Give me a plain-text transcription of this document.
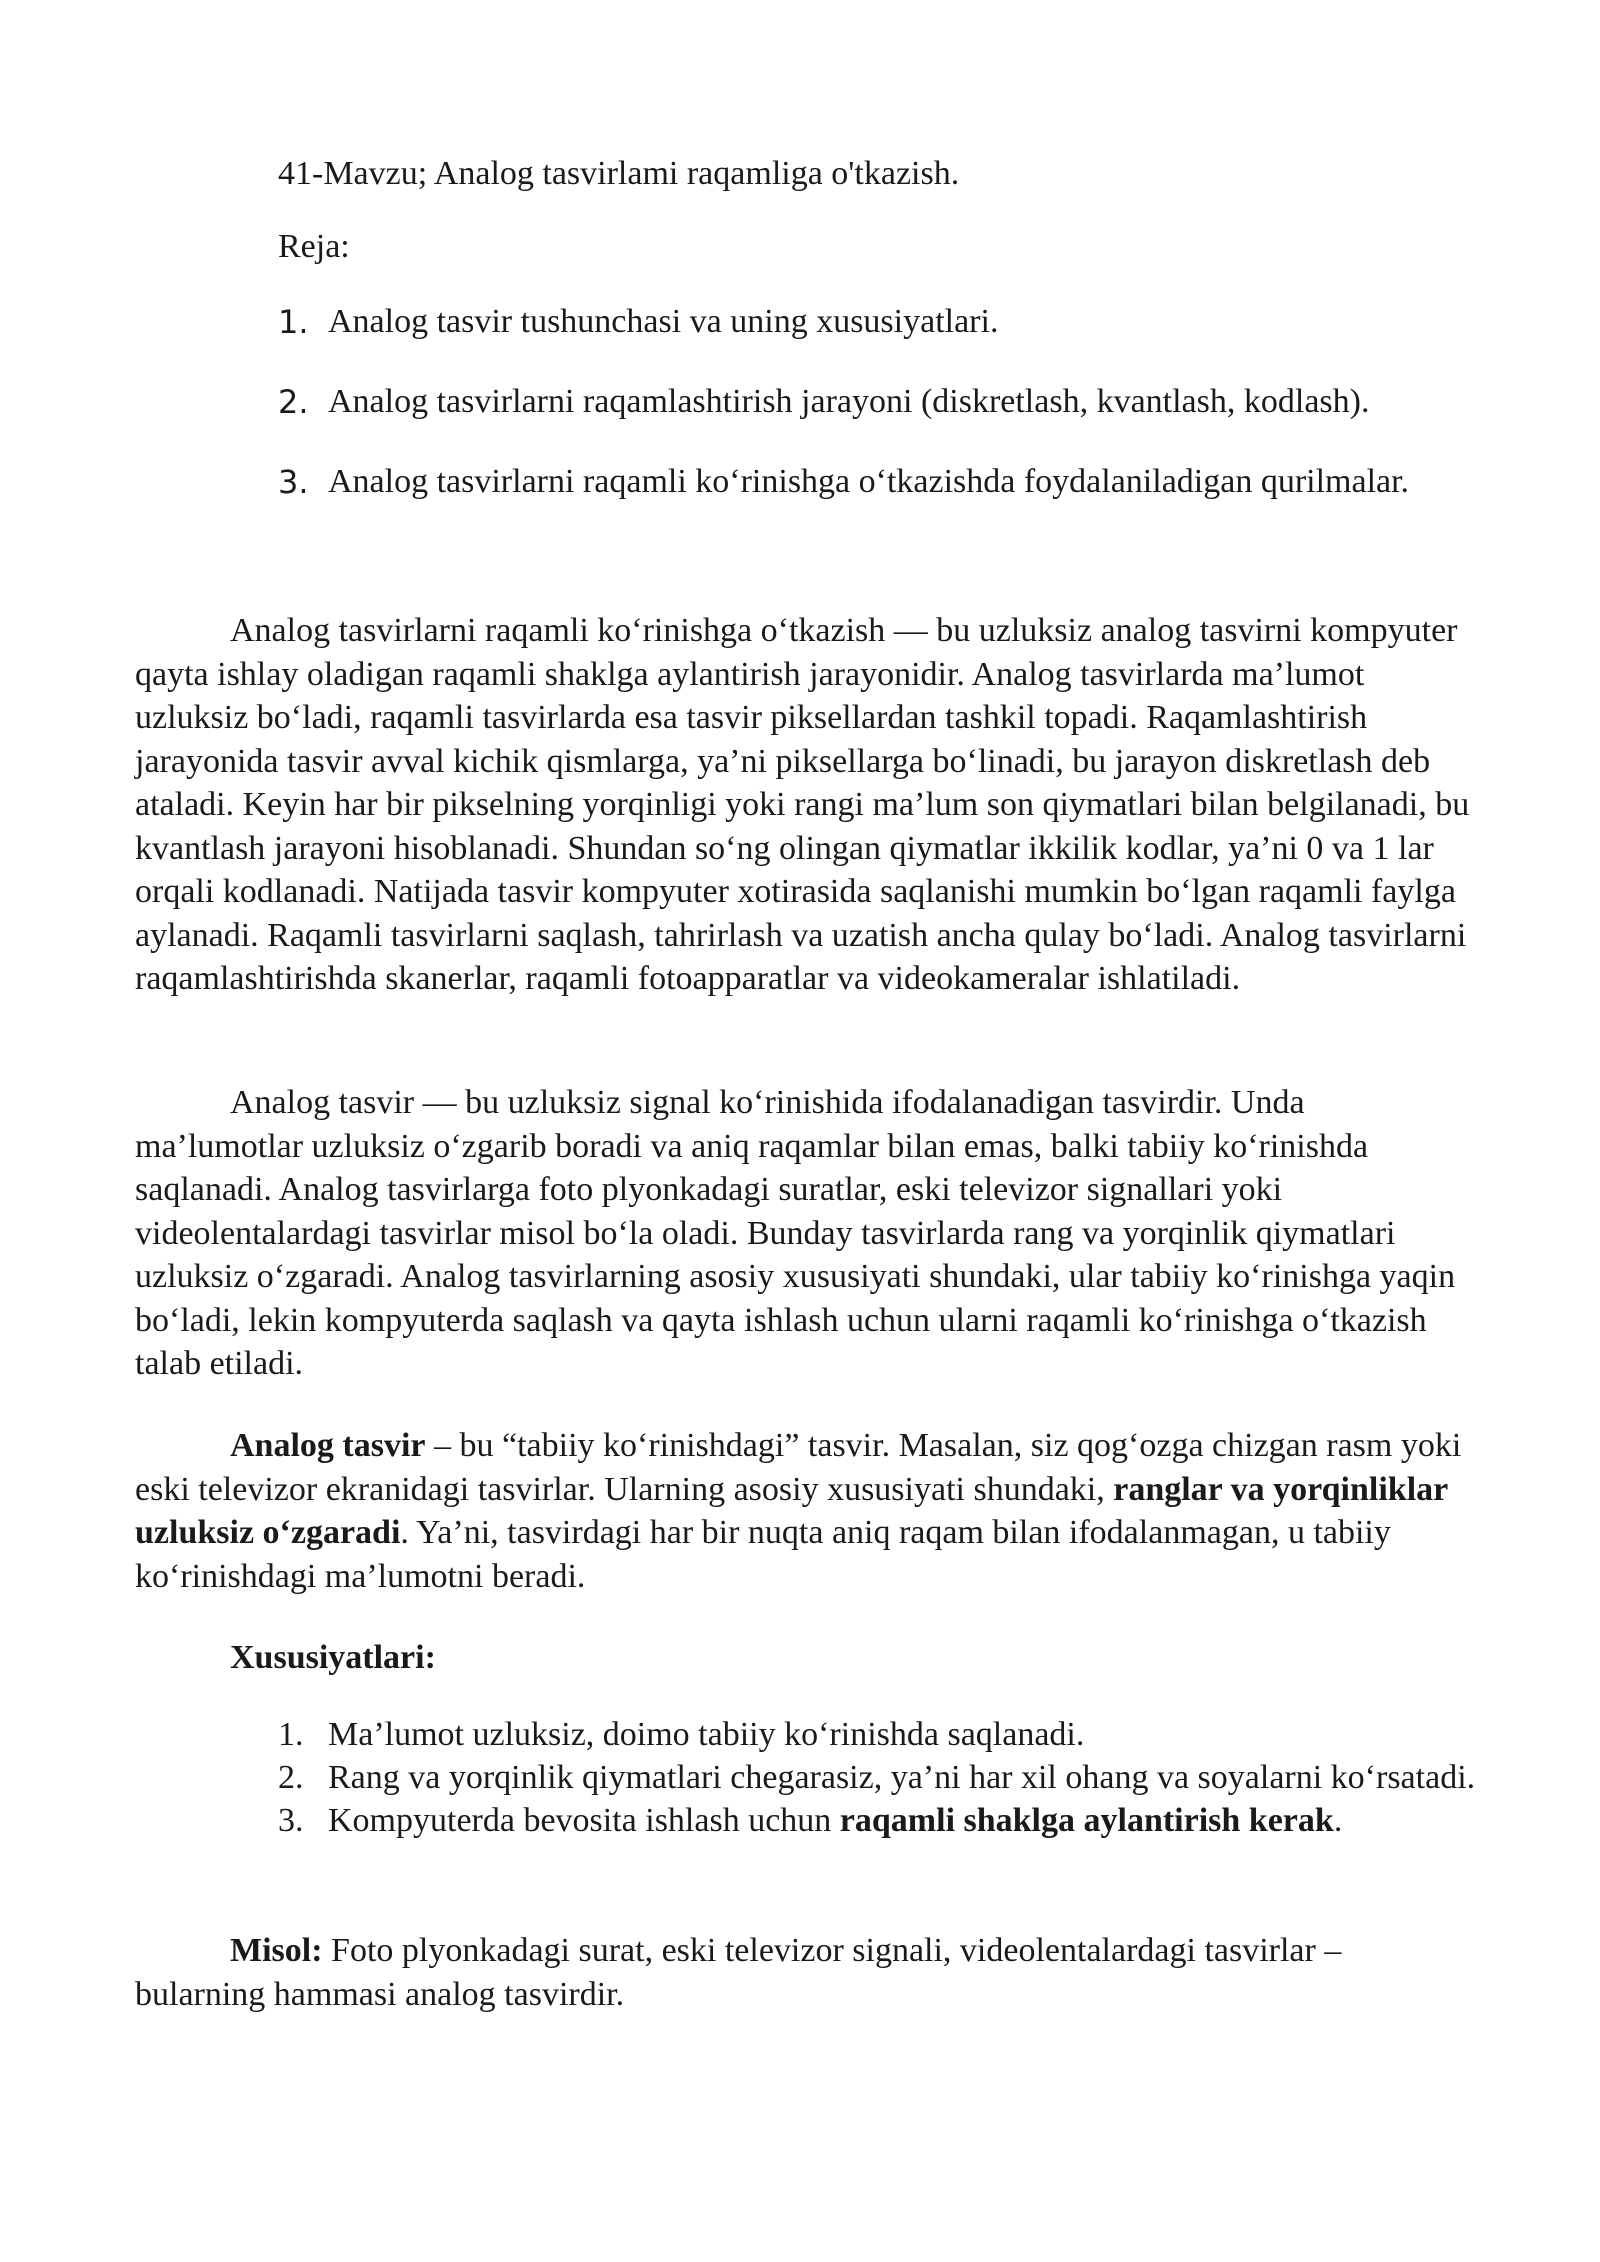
41-Mavzu; Analog tasvirlami raqamliga o'tkazish.

Reja:
1. Analog tasvir tushunchasi va uning xususiyatlari.
2. Analog tasvirlarni raqamlashtirish jarayoni (diskretlash, kvantlash, kodlash).
3. Analog tasvirlarni raqamli ko‘rinishga o‘tkazishda foydalaniladigan qurilmalar.

Analog tasvirlarni raqamli ko‘rinishga o‘tkazish — bu uzluksiz analog tasvirni kompyuter qayta ishlay oladigan raqamli shaklga aylantirish jarayonidir. Analog tasvirlarda ma’lumot uzluksiz bo‘ladi, raqamli tasvirlarda esa tasvir piksellardan tashkil topadi. Raqamlashtirish jarayonida tasvir avval kichik qismlarga, ya’ni piksellarga bo‘linadi, bu jarayon diskretlash deb ataladi. Keyin har bir pikselning yorqinligi yoki rangi ma’lum son qiymatlari bilan belgilanadi, bu kvantlash jarayoni hisoblanadi. Shundan so‘ng olingan qiymatlar ikkilik kodlar, ya’ni 0 va 1 lar orqali kodlanadi. Natijada tasvir kompyuter xotirasida saqlanishi mumkin bo‘lgan raqamli faylga aylanadi. Raqamli tasvirlarni saqlash, tahrirlash va uzatish ancha qulay bo‘ladi. Analog tasvirlarni raqamlashtirishda skanerlar, raqamli fotoapparatlar va videokameralar ishlatiladi.

Analog tasvir — bu uzluksiz signal ko‘rinishida ifodalanadigan tasvirdir. Unda ma’lumotlar uzluksiz o‘zgarib boradi va aniq raqamlar bilan emas, balki tabiiy ko‘rinishda saqlanadi. Analog tasvirlarga foto plyonkadagi suratlar, eski televizor signallari yoki videolentalardagi tasvirlar misol bo‘la oladi. Bunday tasvirlarda rang va yorqinlik qiymatlari uzluksiz o‘zgaradi. Analog tasvirlarning asosiy xususiyati shundaki, ular tabiiy ko‘rinishga yaqin bo‘ladi, lekin kompyuterda saqlash va qayta ishlash uchun ularni raqamli ko‘rinishga o‘tkazish talab etiladi.

Analog tasvir – bu “tabiiy ko‘rinishdagi” tasvir. Masalan, siz qog‘ozga chizgan rasm yoki eski televizor ekranidagi tasvirlar. Ularning asosiy xususiyati shundaki, ranglar va yorqinliklar uzluksiz o‘zgaradi. Ya’ni, tasvirdagi har bir nuqta aniq raqam bilan ifodalanmagan, u tabiiy ko‘rinishdagi ma’lumotni beradi.

Xususiyatlari:
1. Ma’lumot uzluksiz, doimo tabiiy ko‘rinishda saqlanadi.
2. Rang va yorqinlik qiymatlari chegarasiz, ya’ni har xil ohang va soyalarni ko‘rsatadi.
3. Kompyuterda bevosita ishlash uchun raqamli shaklga aylantirish kerak.

Misol: Foto plyonkadagi surat, eski televizor signali, videolentalardagi tasvirlar – bularning hammasi analog tasvirdir.
